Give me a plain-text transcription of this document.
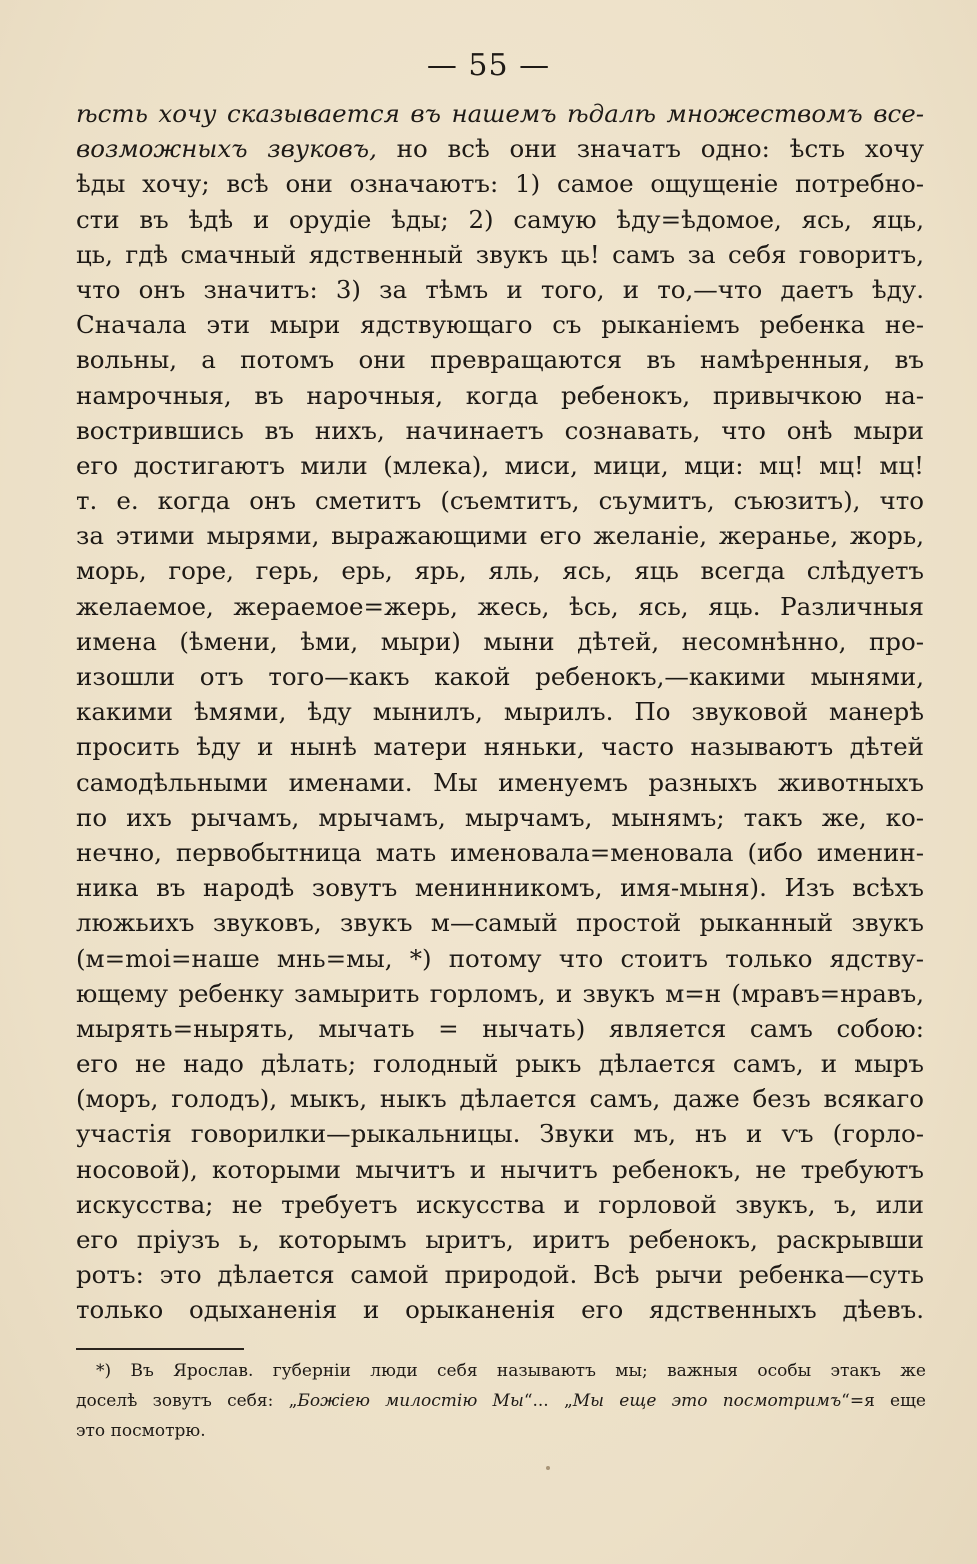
— 55 —
ѣсть хочу сказывается въ нашемъ ѣдалѣ множествомъ все-
возможныхъ звуковъ, но всѣ они значатъ одно: ѣсть хочу
ѣды хочу; всѣ они означаютъ: 1) самое ощущеніе потребно-
сти въ ѣдѣ и орудіе ѣды; 2) самую ѣду=ѣдомое, ясь, яць,
ць, гдѣ смачный ядственный звукъ ць! самъ за себя говоритъ,
что онъ значитъ: 3) за тѣмъ и того, и то,—что даетъ ѣду.
Сначала эти мыри ядствующаго съ рыканіемъ ребенка не-
вольны, а потомъ они превращаются въ намѣренныя, въ
намрочныя, въ нарочныя, когда ребенокъ, привычкою на-
вострившись въ нихъ, начинаетъ сознавать, что онѣ мыри
его достигаютъ мили (млека), миси, мици, мци: мц! мц! мц!
т. е. когда онъ сметитъ (съемтитъ, съумитъ, съюзитъ), что
за этими мырями, выражающими его желаніе, жеранье, жорь,
морь, горе, герь, ерь, ярь, яль, ясь, яць всегда слѣдуетъ
желаемое, жераемое=жерь, жесь, ѣсь, ясь, яць. Различныя
имена (ѣмени, ѣми, мыри) мыни дѣтей, несомнѣнно, про-
изошли отъ того—какъ какой ребенокъ,—какими мынями,
какими ѣмями, ѣду мынилъ, мырилъ. По звуковой манерѣ
просить ѣду и нынѣ матери няньки, часто называютъ дѣтей
самодѣльными именами. Мы именуемъ разныхъ животныхъ
по ихъ рычамъ, мрычамъ, мырчамъ, мынямъ; такъ же, ко-
нечно, первобытница мать именовала=меновала (ибо именин-
ника въ народѣ зовутъ менинникомъ, имя-мыня). Изъ всѣхъ
люжьихъ звуковъ, звукъ м—самый простой рыканный звукъ
(м=moi=наше мнь=мы, *) потому что стоитъ только ядству-
ющему ребенку замырить горломъ, и звукъ м=н (мравъ=нравъ,
мырять=нырять, мычать = нычать) является самъ собою:
его не надо дѣлать; голодный рыкъ дѣлается самъ, и мыръ
(моръ, голодъ), мыкъ, ныкъ дѣлается самъ, даже безъ всякаго
участія говорилки—рыкальницы. Звуки мъ, нъ и ѵъ (горло-
носовой), которыми мычитъ и нычитъ ребенокъ, не требуютъ
искусства; не требуетъ искусства и горловой звукъ, ъ, или
его пріузъ ь, которымъ ыритъ, иритъ ребенокъ, раскрывши
ротъ: это дѣлается самой природой. Всѣ рычи ребенка—суть
только одыханенія и орыканенія его ядственныхъ дѣевъ.
*) Въ Ярослав. губерніи люди себя называютъ мы; важныя особы этакъ же
доселѣ зовутъ себя: „Божіею милостію Мы“... „Мы еще это посмотримъ“=я еще
это посмотрю.
